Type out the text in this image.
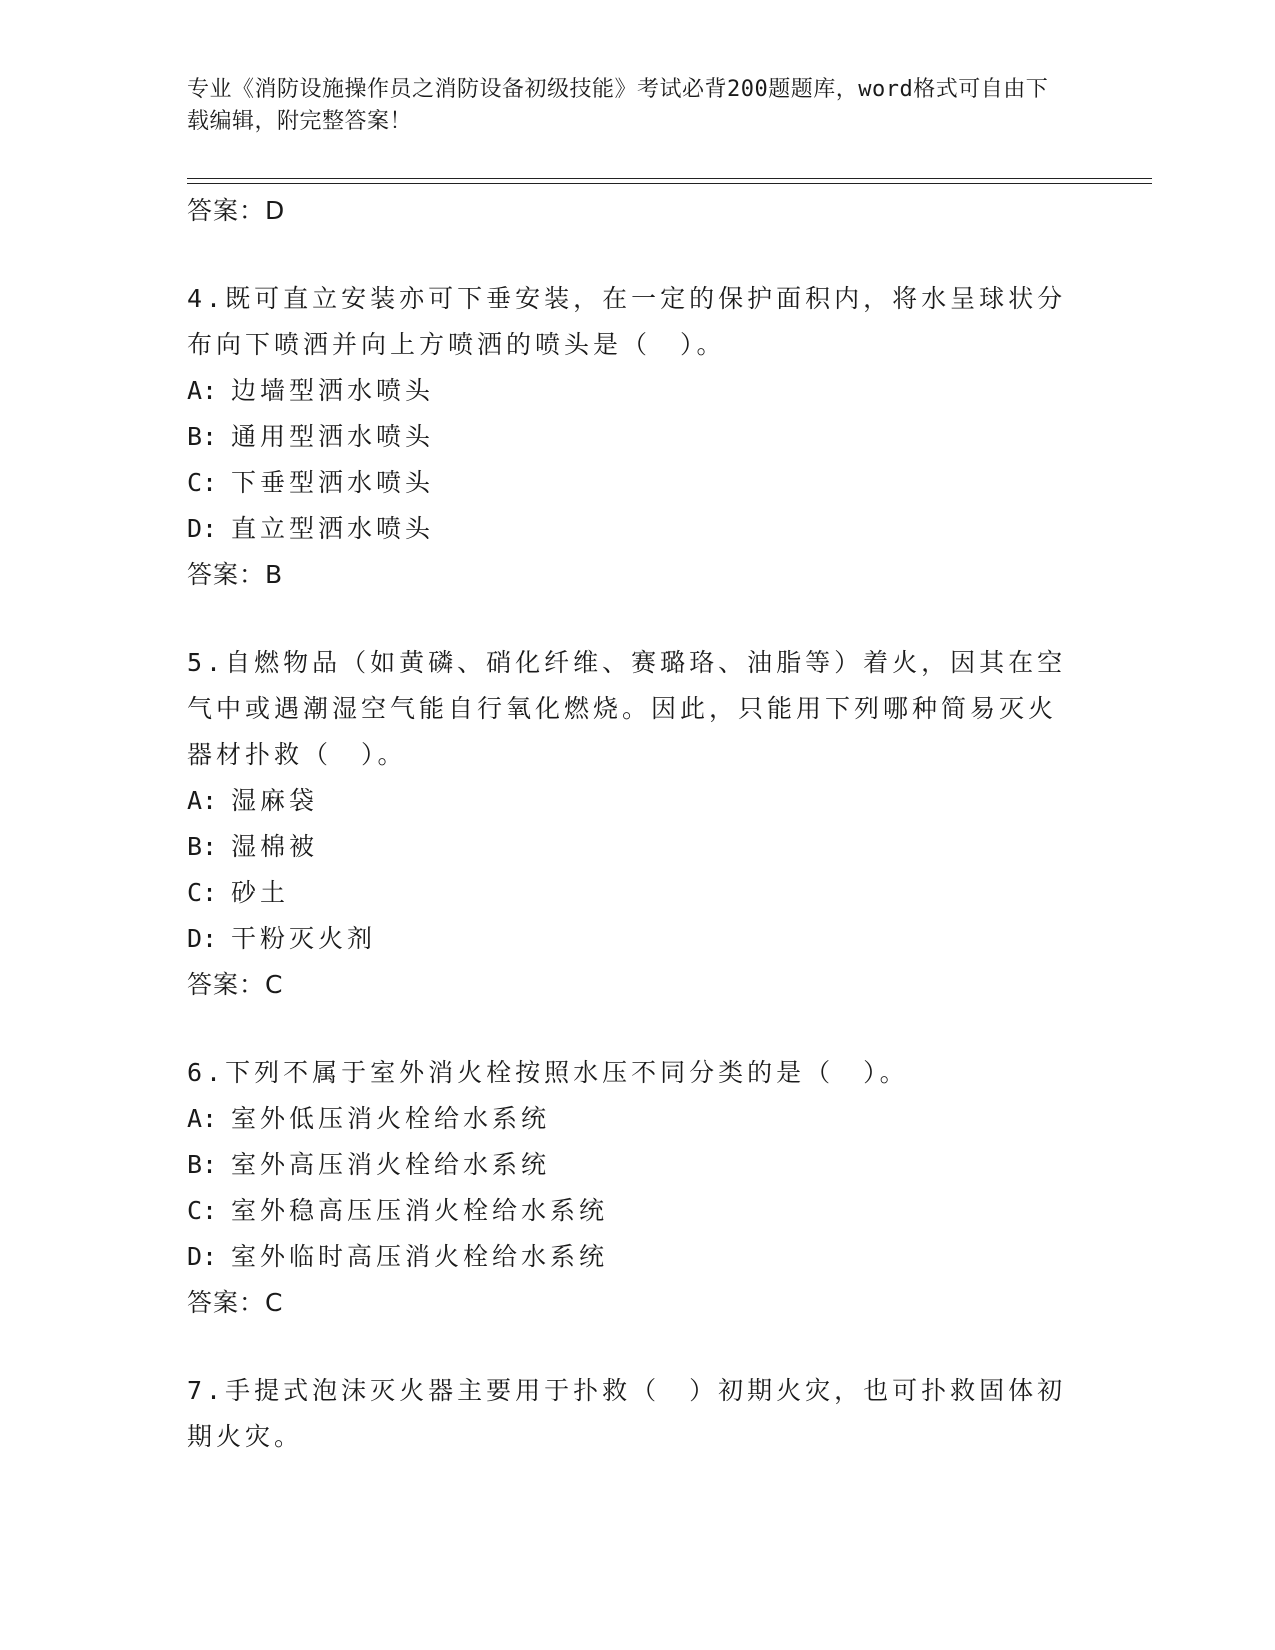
专业《消防设施操作员之消防设备初级技能》考试必背200题题库，word格式可自由下载编辑，附完整答案！
答案：D
4.既可直立安装亦可下垂安装，在一定的保护面积内，将水呈球状分布向下喷洒并向上方喷洒的喷头是（　）。
A: 边墙型洒水喷头
B: 通用型洒水喷头
C: 下垂型洒水喷头
D: 直立型洒水喷头
答案：B
5.自燃物品（如黄磷、硝化纤维、赛璐珞、油脂等）着火，因其在空气中或遇潮湿空气能自行氧化燃烧。因此，只能用下列哪种简易灭火器材扑救（　）。
A: 湿麻袋
B: 湿棉被
C: 砂土
D: 干粉灭火剂
答案：C
6.下列不属于室外消火栓按照水压不同分类的是（　）。
A: 室外低压消火栓给水系统
B: 室外高压消火栓给水系统
C: 室外稳高压压消火栓给水系统
D: 室外临时高压消火栓给水系统
答案：C
7.手提式泡沫灭火器主要用于扑救（　）初期火灾，也可扑救固体初期火灾。
